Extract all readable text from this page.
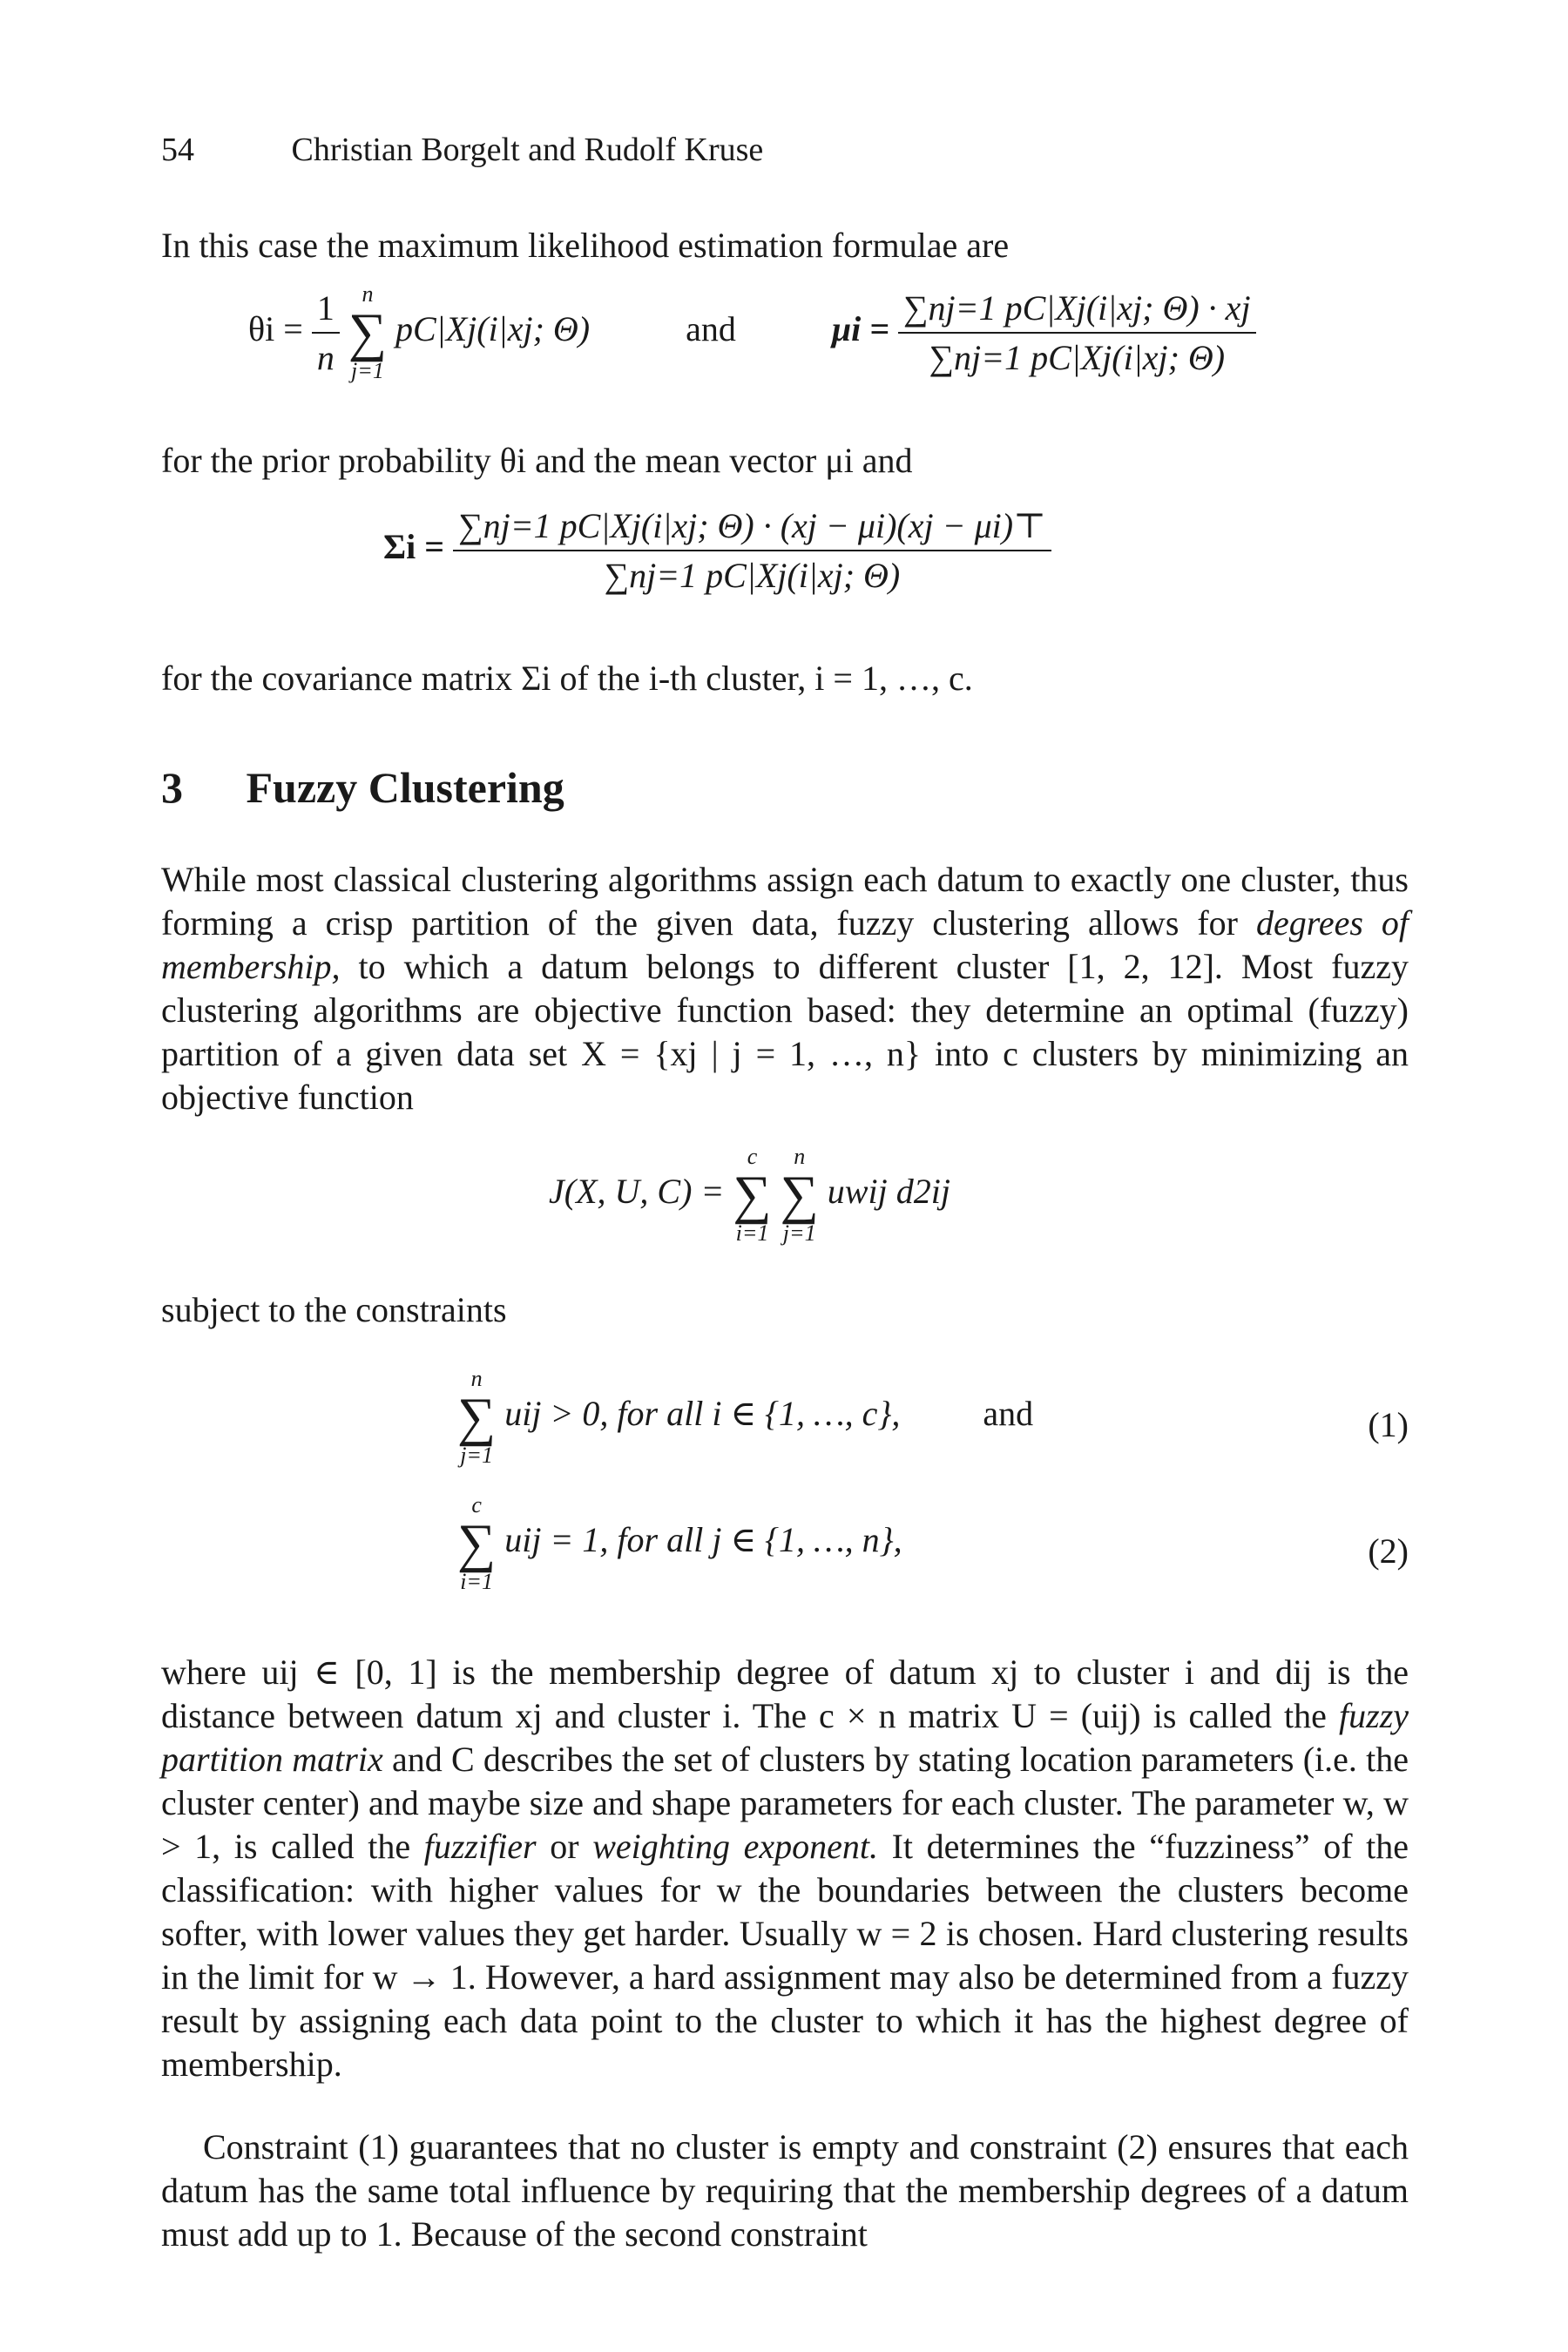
54	Christian Borgelt and Rudolf Kruse
In this case the maximum likelihood estimation formulae are
$\theta i = \frac{1}{n}$
n
∑
j=1
pC|Xj(i|xj; Θ)	and	$\mu i = \frac{\sum nj=1 pC|Xj(i|xj; \Theta) \cdot xj}{\sum nj=1 pC|Xj(i|xj; \Theta)}$
for the prior probability θi and the mean vector μi and
$\Sigma i = \frac{\sum nj=1 pC|Xj(i|xj; \Theta) \cdot (xj - \mu i)(xj - \mu i)⊤}{\sum nj=1 pC|Xj(i|xj; \Theta)}$
for the covariance matrix Σi of the i-th cluster, i = 1, …, c.
3 Fuzzy Clustering
While most classical clustering algorithms assign each datum to exactly one cluster, thus forming a crisp partition of the given data, fuzzy clustering allows for degrees of membership, to which a datum belongs to different cluster [1, 2, 12]. Most fuzzy clustering algorithms are objective function based: they determine an optimal (fuzzy) partition of a given data set X = {xj | j = 1, …, n} into c clusters by minimizing an objective function
J(X, U, C) =
c
∑
i=1

n
∑
j=1
uwij d2ij
subject to the constraints
n
∑
j=1
uij > 0, for all i ∈ {1, …, c}, and	(1)
c
∑
i=1
uij = 1, for all j ∈ {1, …, n},	(2)
where uij ∈ [0, 1] is the membership degree of datum xj to cluster i and dij is the distance between datum xj and cluster i. The c × n matrix U = (uij) is called the fuzzy partition matrix and C describes the set of clusters by stating location parameters (i.e. the cluster center) and maybe size and shape parameters for each cluster. The parameter w, w > 1, is called the fuzzifier or weighting exponent. It determines the “fuzziness” of the classification: with higher values for w the boundaries between the clusters become softer, with lower values they get harder. Usually w = 2 is chosen. Hard clustering results in the limit for w → 1. However, a hard assignment may also be determined from a fuzzy result by assigning each data point to the cluster to which it has the highest degree of membership.
Constraint (1) guarantees that no cluster is empty and constraint (2) ensures that each datum has the same total influence by requiring that the membership degrees of a datum must add up to 1. Because of the second constraint
